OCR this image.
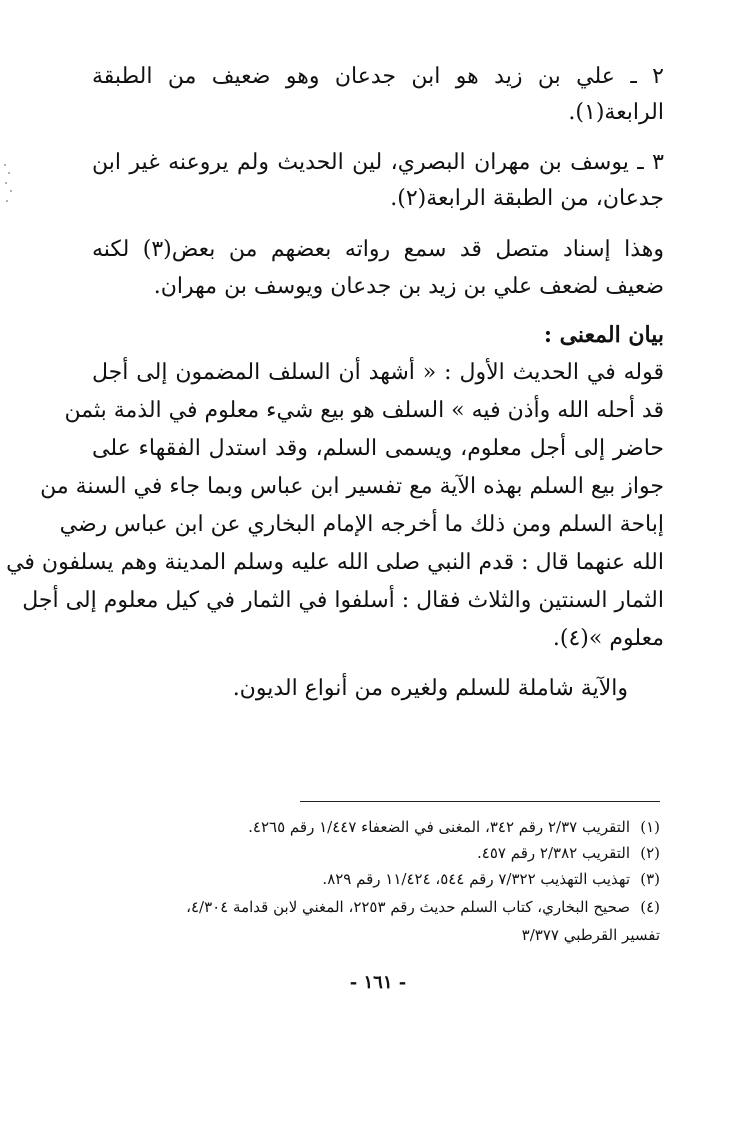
٢ ـ علي بن زيد هو ابن جدعان وهو ضعيف من الطبقة
الرابعة(١).
٣ ـ يوسف بن مهران البصري، لين الحديث ولم يروعنه غير ابن
جدعان، من الطبقة الرابعة(٢).
وهذا إسناد متصل قد سمع رواته بعضهم من بعض(٣) لكنه
ضعيف لضعف علي بن زيد بن جدعان ويوسف بن مهران.
بيان المعنى :
قوله في الحديث الأول : « أشهد أن السلف المضمون إلى أجل
قد أحله الله وأذن فيه » السلف هو بيع شيء معلوم في الذمة بثمن
حاضر إلى أجل معلوم، ويسمى السلم، وقد استدل الفقهاء على
جواز بيع السلم بهذه الآية مع تفسير ابن عباس وبما جاء في السنة من
إباحة السلم ومن ذلك ما أخرجه الإمام البخاري عن ابن عباس رضي
الله عنهما قال : قدم النبي صلى الله عليه وسلم المدينة وهم يسلفون في
الثمار السنتين والثلاث فقال : أسلفوا في الثمار في كيل معلوم إلى أجل
معلوم »(٤).
والآية شاملة للسلم ولغيره من أنواع الديون.
(١)التقريب ٢/٣٧ رقم ٣٤٢، المغنى في الضعفاء ١/٤٤٧ رقم ٤٢٦٥.
(٢)التقريب ٢/٣٨٢ رقم ٤٥٧.
(٣)تهذيب التهذيب ٧/٣٢٢ رقم ٥٤٤، ١١/٤٢٤ رقم ٨٢٩.
(٤)صحيح البخاري، كتاب السلم حديث رقم ٢٢٥٣، المغني لابن قدامة ٤/٣٠٤،
تفسير القرطبي ٣/٣٧٧
- ١٦١ -
